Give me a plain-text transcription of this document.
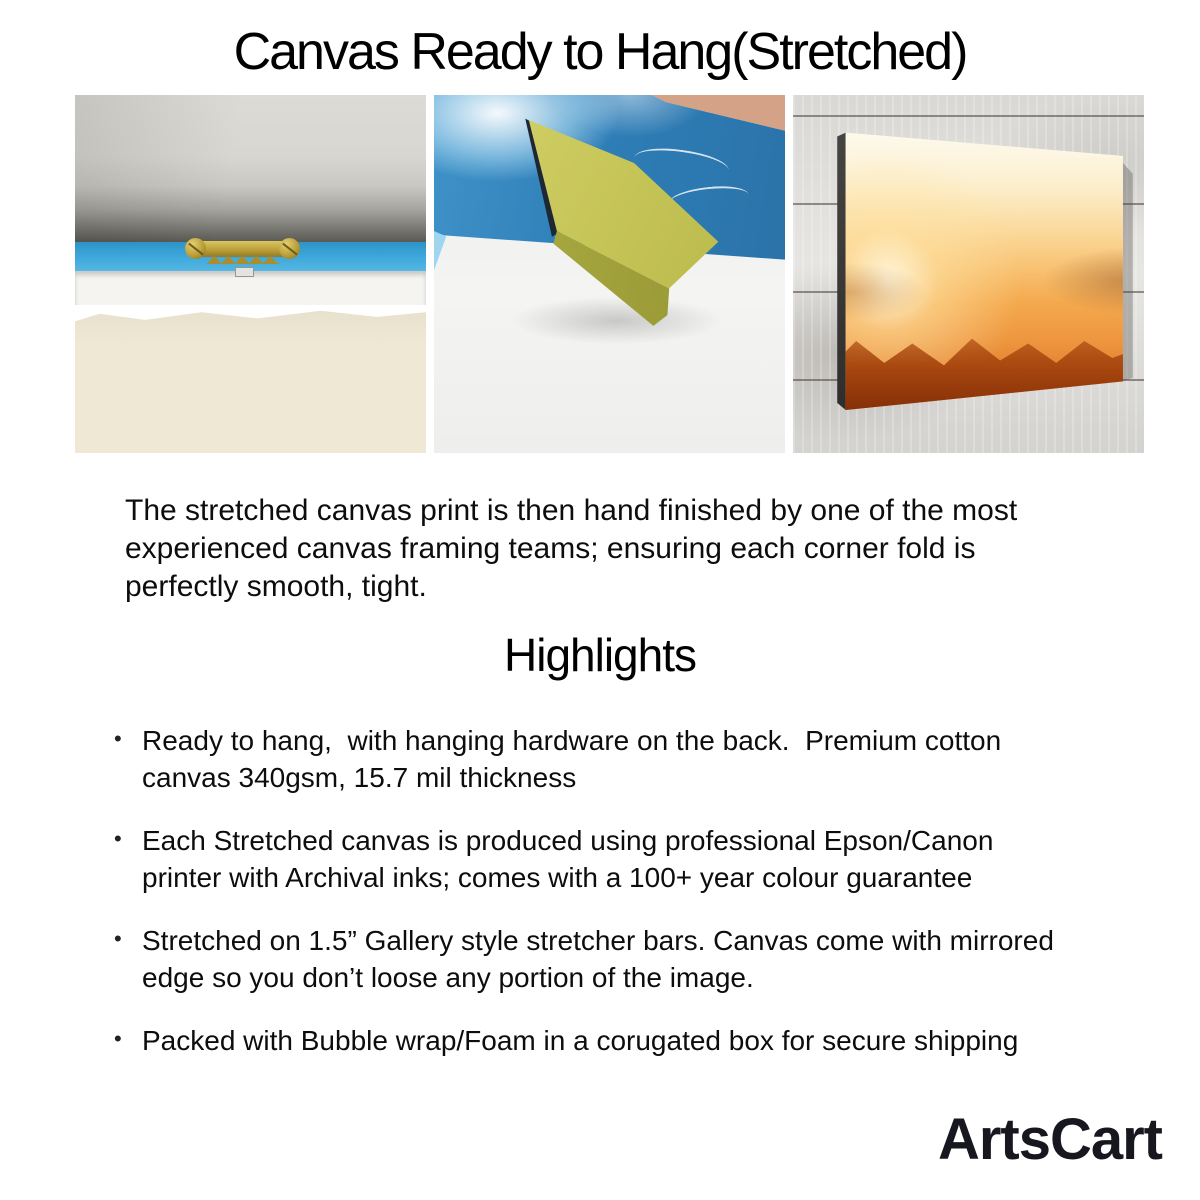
Canvas Ready to Hang(Stretched)

The stretched canvas print is then hand finished by one of the most experienced canvas framing teams; ensuring each corner fold is perfectly smooth, tight.

Highlights
• Ready to hang,  with hanging hardware on the back.  Premium cotton canvas 340gsm, 15.7 mil thickness
• Each Stretched canvas is produced using professional Epson/Canon printer with Archival inks; comes with a 100+ year colour guarantee
• Stretched on 1.5” Gallery style stretcher bars. Canvas come with mirrored edge so you don’t loose any portion of the image.
• Packed with Bubble wrap/Foam in a corugated box for secure shipping
ArtsCart
